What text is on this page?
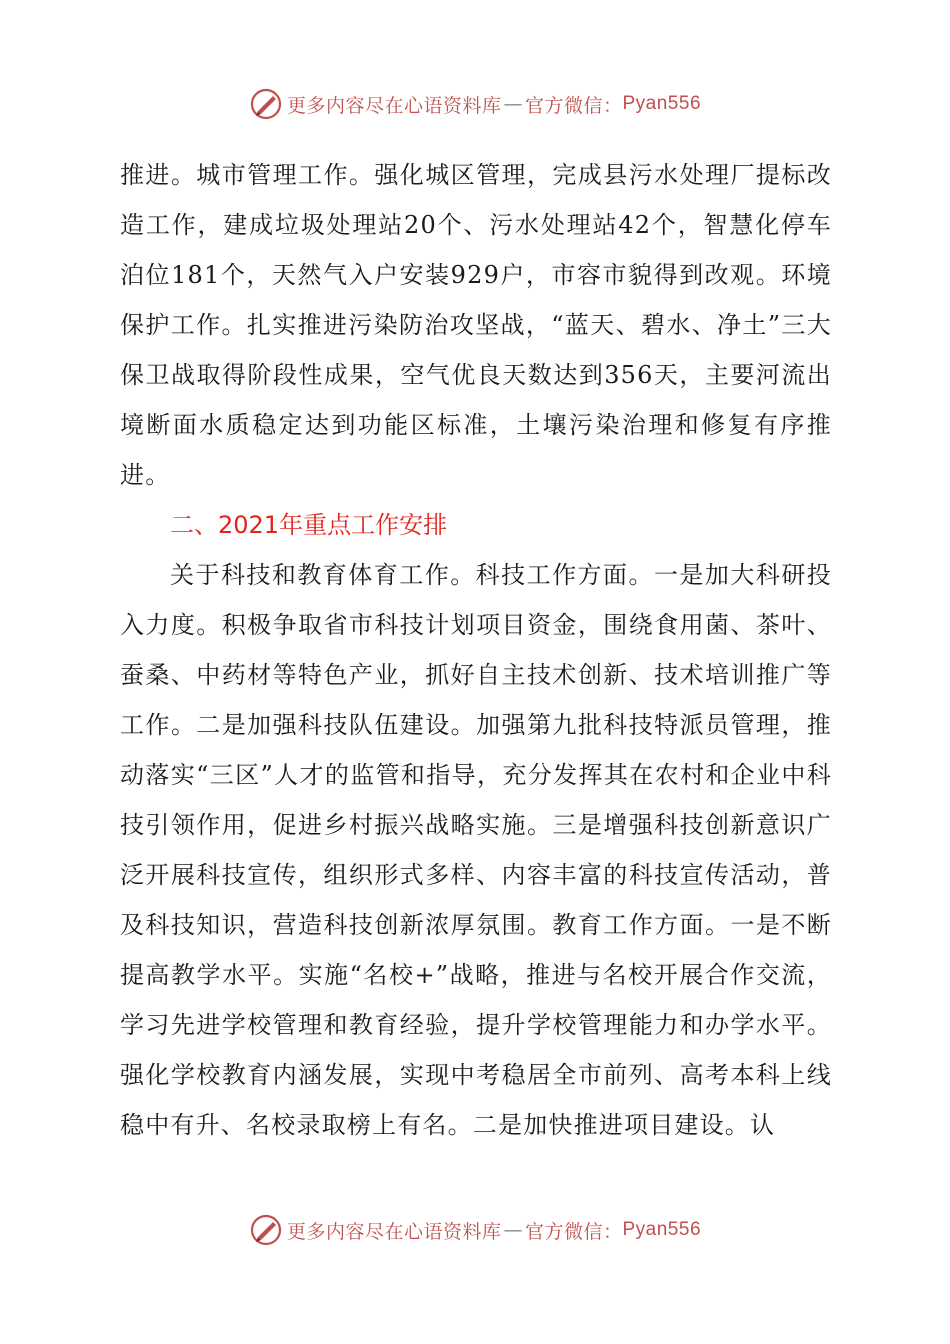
更多内容尽在心语资料库 — 官方微信： Pyan556

推进。城市管理工作。强化城区管理，完成县污水处理厂提标改造工作，建成垃圾处理站20个、污水处理站42个，智慧化停车泊位181个，天然气入户安装929户，市容市貌得到改观。环境保护工作。扎实推进污染防治攻坚战，“蓝天、碧水、净土”三大保卫战取得阶段性成果，空气优良天数达到356天，主要河流出境断面水质稳定达到功能区标准，土壤污染治理和修复有序推进。

二、2021年重点工作安排

关于科技和教育体育工作。科技工作方面。一是加大科研投入力度。积极争取省市科技计划项目资金，围绕食用菌、茶叶、蚕桑、中药材等特色产业，抓好自主技术创新、技术培训推广等工作。二是加强科技队伍建设。加强第九批科技特派员管理，推动落实“三区”人才的监管和指导，充分发挥其在农村和企业中科技引领作用，促进乡村振兴战略实施。三是增强科技创新意识广泛开展科技宣传，组织形式多样、内容丰富的科技宣传活动，普及科技知识，营造科技创新浓厚氛围。教育工作方面。一是不断提高教学水平。实施“名校+”战略，推进与名校开展合作交流，学习先进学校管理和教育经验，提升学校管理能力和办学水平。强化学校教育内涵发展，实现中考稳居全市前列、高考本科上线稳中有升、名校录取榜上有名。二是加快推进项目建设。认

更多内容尽在心语资料库 — 官方微信： Pyan556
